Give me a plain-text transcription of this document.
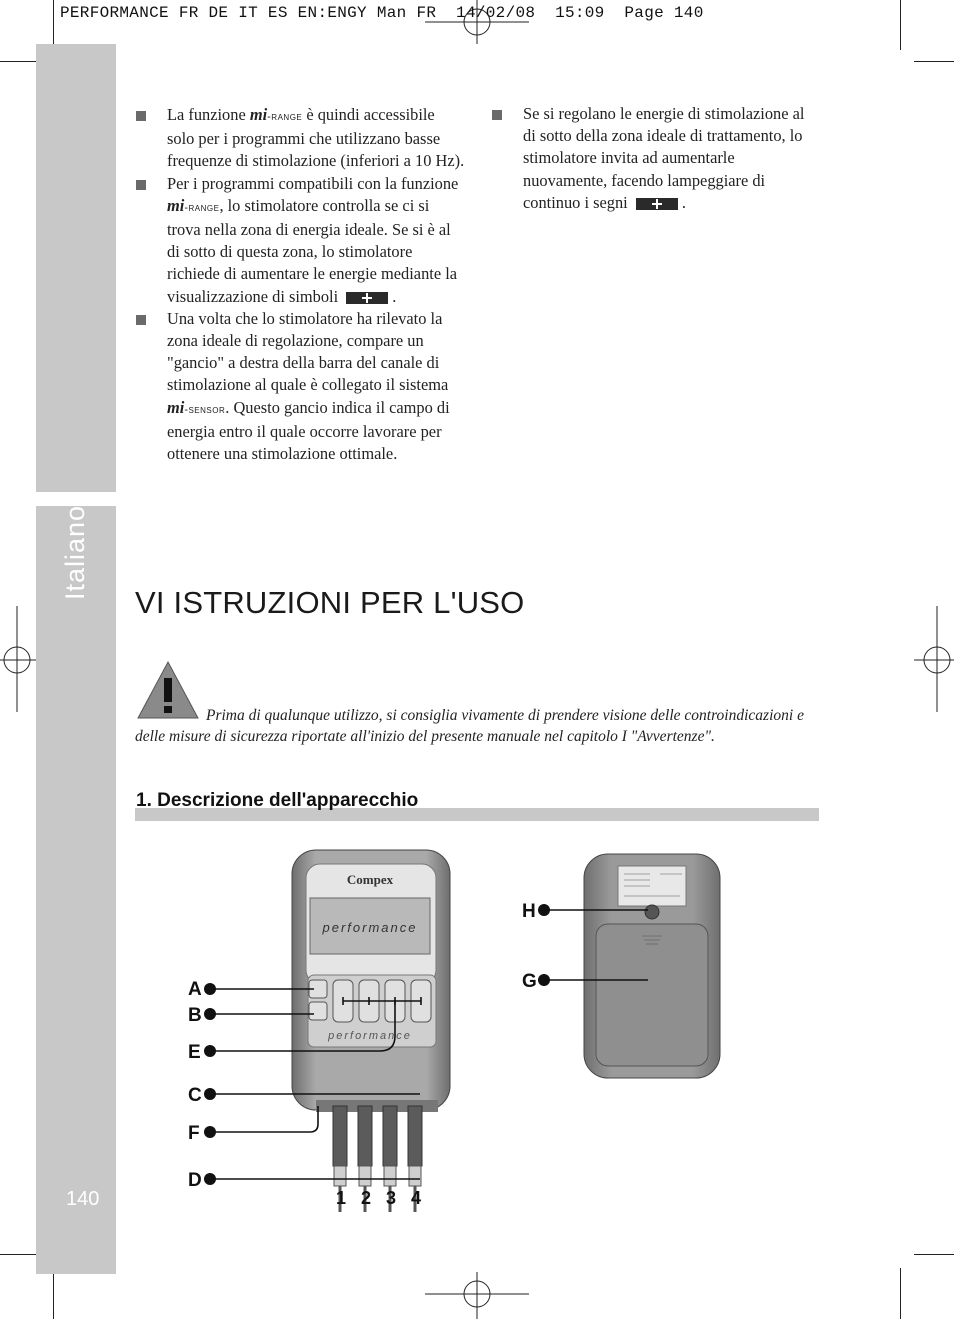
PERFORMANCE FR DE IT ES EN:ENGY Man FR  14/02/08  15:09  Page 140
Italiano
140
La funzione mi-range è quindi accessibile solo per i programmi che utilizzano basse frequenze di stimolazione (inferiori a 10 Hz).
Per i programmi compatibili con la funzione mi-range, lo stimolatore controlla se ci si trova nella zona di energia ideale. Se si è al di sotto di questa zona, lo stimolatore richiede di aumentare le energie mediante la visualizzazione di simboli	.
Una volta che lo stimolatore ha rilevato la zona ideale di regolazione, compare un "gancio" a destra della barra del canale di stimolazione al quale è collegato il sistema mi-sensor. Questo gancio indica il campo di energia entro il quale occorre lavorare per ottenere una stimolazione ottimale.
Se si regolano le energie di stimolazione al di sotto della zona ideale di trattamento, lo stimolatore invita ad aumentarle nuovamente, facendo lampeggiare di continuo i segni	.
VI ISTRUZIONI PER L'USO
Prima di qualunque utilizzo, si consiglia vivamente di prendere visione delle controindicazioni e delle misure di sicurezza riportate all'inizio del presente manuale nel capitolo I "Avvertenze".
1. Descrizione dell'apparecchio
Compex
performance
performance
1 2 3 4
A
B
E
C
F
D
H
G
